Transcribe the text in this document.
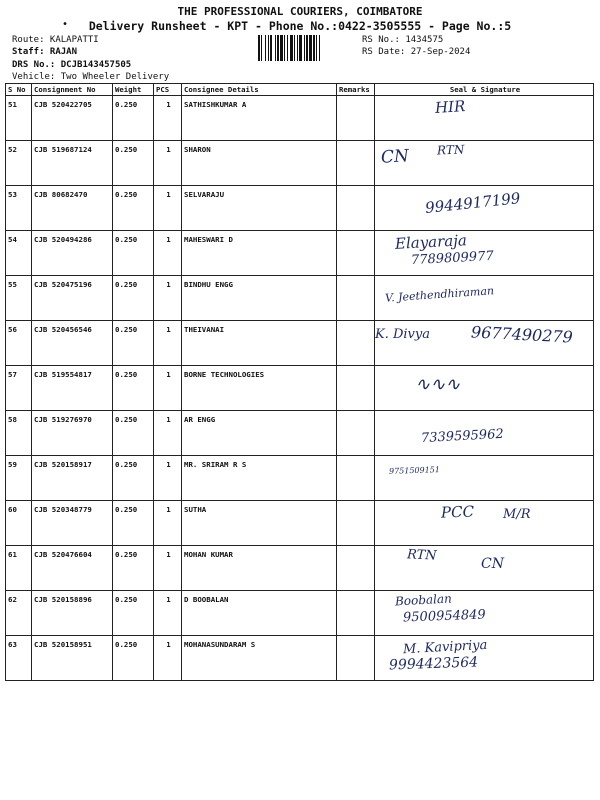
THE PROFESSIONAL COURIERS, COIMBATORE
•	Delivery Runsheet - KPT - Phone No.:0422-3505555 - Page No.:5
Route: KALAPATTI
Staff: RAJAN
DRS No.: DCJB143457505
Vehicle: Two Wheeler Delivery
RS No.: 1434575
RS Date: 27-Sep-2024
S No	Consignment No	Weight	PCS	Consignee Details	Remarks	Seal & Signature
51	CJB 520422705	0.250	1	SATHISHKUMAR A		HIR

52	CJB 519687124	0.250	1	SHARON		CN RTN

53	CJB 80682470	0.250	1	SELVARAJU		9944917199

54	CJB 520494286	0.250	1	MAHESWARI D		Elayaraja
7789809977

55	CJB 520475196	0.250	1	BINDHU ENGG		V. Jeethendhiraman

56	CJB 520456546	0.250	1	THEIVANAI		K. Divya 9677490279

57	CJB 519554817	0.250	1	BORNE TECHNOLOGIES		∿∿∿

58	CJB 519276970	0.250	1	AR ENGG		7339595962

59	CJB 520158917	0.250	1	MR. SRIRAM R S		9751509151

60	CJB 520348779	0.250	1	SUTHA		PCC M/R

61	CJB 520476604	0.250	1	MOHAN KUMAR		RTN
CN

62	CJB 520158896	0.250	1	D BOOBALAN		Boobalan
9500954849

63	CJB 520158951	0.250	1	MOHANASUNDARAM S		M. Kavipriya
9994423564
